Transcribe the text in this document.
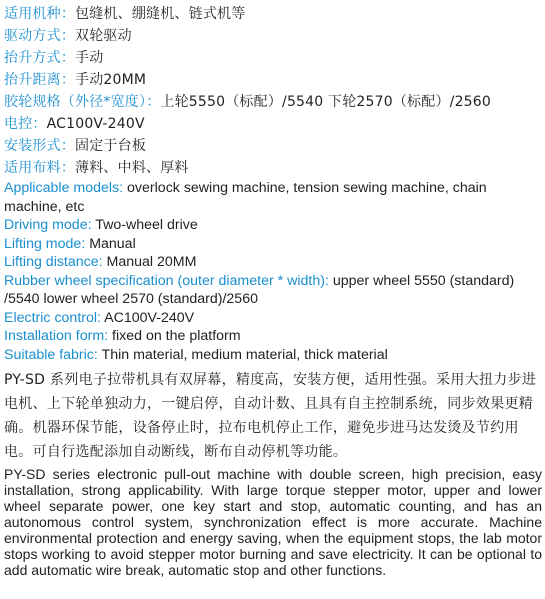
适用机种：包缝机、绷缝机、链式机等
驱动方式：双轮驱动
抬升方式：手动
抬升距离：手动20MM
胶轮规格（外径*宽度）：上轮5550（标配）/5540 下轮2570（标配）/2560
电控：AC100V-240V
安装形式：固定于台板
适用布料：薄料、中料、厚料
Applicable models: overlock sewing machine, tension sewing machine, chain machine, etc
Driving mode: Two-wheel drive
Lifting mode: Manual
Lifting distance: Manual 20MM
Rubber wheel specification (outer diameter * width): upper wheel 5550 (standard) /5540 lower wheel 2570 (standard)/2560
Electric control: AC100V-240V
Installation form: fixed on the platform
Suitable fabric: Thin material, medium material, thick material
PY-SD 系列电子拉带机具有双屏幕，精度高，安装方便，适用性强。采用大扭力步进电机、上下轮单独动力，一键启停，自动计数、且具有自主控制系统，同步效果更精确。机器环保节能，设备停止时，拉布电机停止工作，避免步进马达发烫及节约用电。可自行选配添加自动断线，断布自动停机等功能。
PY-SD series electronic pull-out machine with double screen, high precision, easy installation, strong applicability. With large torque stepper motor, upper and lower wheel separate power, one key start and stop, automatic counting, and has an autonomous control system, synchronization effect is more accurate. Machine environmental protection and energy saving, when the equipment stops, the lab motor stops working to avoid stepper motor burning and save electricity. It can be optional to add automatic wire break, automatic stop and other functions.
